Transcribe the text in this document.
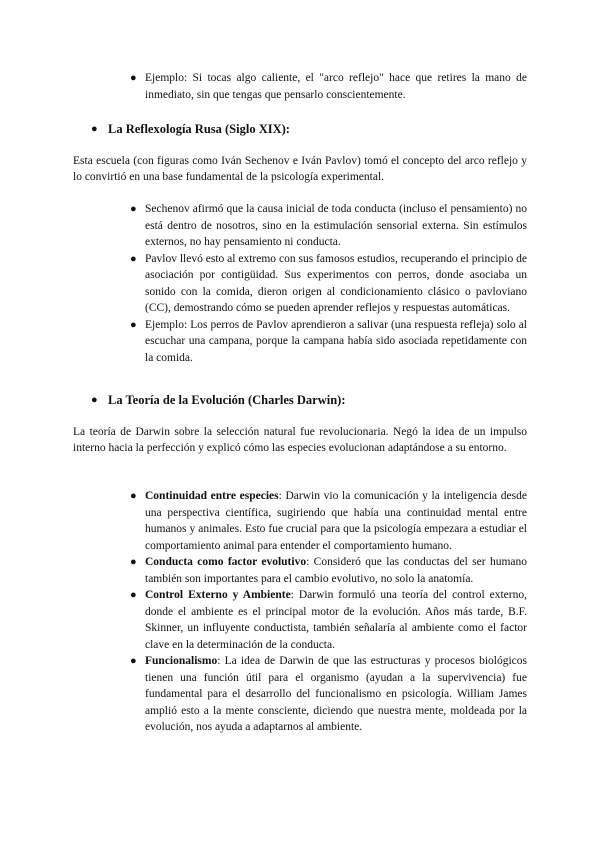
● Ejemplo: Si tocas algo caliente, el "arco reflejo" hace que retires la mano de inmediato, sin que tengas que pensarlo conscientemente.
● La Reflexología Rusa (Siglo XIX):

Esta escuela (con figuras como Iván Sechenov e Iván Pavlov) tomó el concepto del arco reflejo y lo convirtió en una base fundamental de la psicología experimental.

● Sechenov afirmó que la causa inicial de toda conducta (incluso el pensamiento) no está dentro de nosotros, sino en la estimulación sensorial externa. Sin estímulos externos, no hay pensamiento ni conducta.
● Pavlov llevó esto al extremo con sus famosos estudios, recuperando el principio de asociación por contigüidad. Sus experimentos con perros, donde asociaba un sonido con la comida, dieron origen al condicionamiento clásico o pavloviano (CC), demostrando cómo se pueden aprender reflejos y respuestas automáticas.
● Ejemplo: Los perros de Pavlov aprendieron a salivar (una respuesta refleja) solo al escuchar una campana, porque la campana había sido asociada repetidamente con la comida.
● La Teoría de la Evolución (Charles Darwin):

La teoría de Darwin sobre la selección natural fue revolucionaria. Negó la idea de un impulso interno hacia la perfección y explicó cómo las especies evolucionan adaptándose a su entorno.

● Continuidad entre especies: Darwin vio la comunicación y la inteligencia desde una perspectiva científica, sugiriendo que había una continuidad mental entre humanos y animales. Esto fue crucial para que la psicología empezara a estudiar el comportamiento animal para entender el comportamiento humano.
● Conducta como factor evolutivo: Consideró que las conductas del ser humano también son importantes para el cambio evolutivo, no solo la anatomía.
● Control Externo y Ambiente: Darwin formuló una teoría del control externo, donde el ambiente es el principal motor de la evolución. Años más tarde, B.F. Skinner, un influyente conductista, también señalaría al ambiente como el factor clave en la determinación de la conducta.
● Funcionalismo: La idea de Darwin de que las estructuras y procesos biológicos tienen una función útil para el organismo (ayudan a la supervivencia) fue fundamental para el desarrollo del funcionalismo en psicología. William James amplió esto a la mente consciente, diciendo que nuestra mente, moldeada por la evolución, nos ayuda a adaptarnos al ambiente.
